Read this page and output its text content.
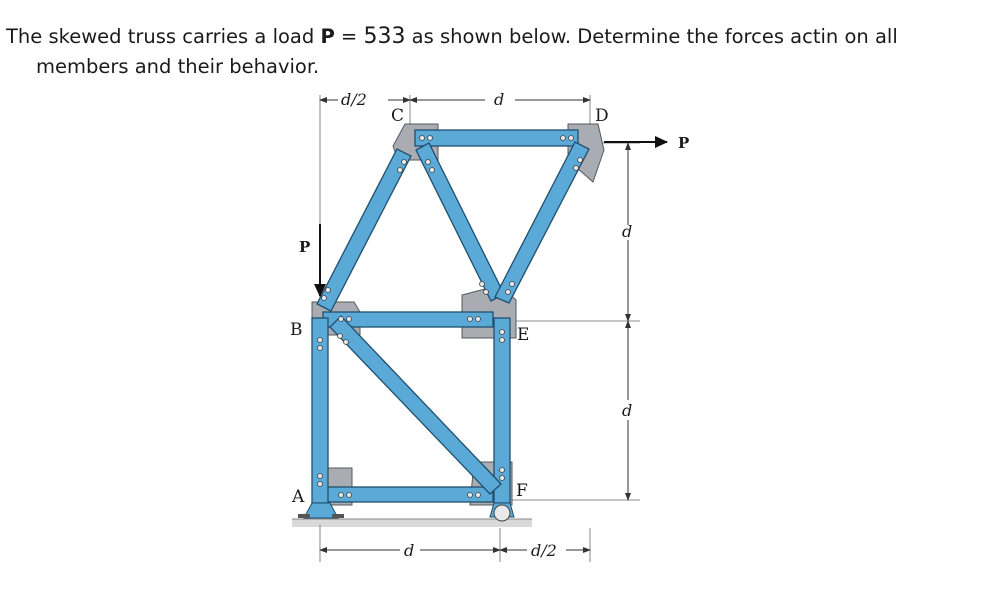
The skewed truss carries a load P = 533 as shown below. Determine the forces actin on all
members and their behavior.
d/2	d
d
d
d	d/2
C	D
B	E
A	F
P
P
